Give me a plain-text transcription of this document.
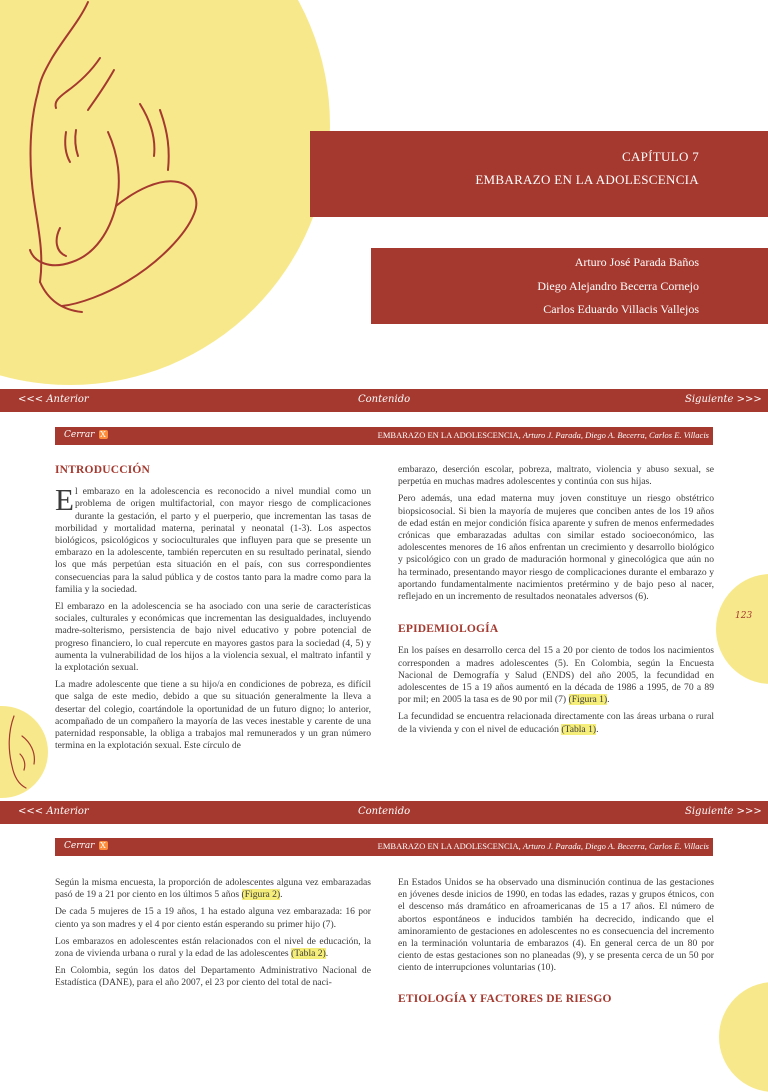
CAPÍTULO 7
EMBARAZO EN LA ADOLESCENCIA
Arturo José Parada Baños
Diego Alejandro Becerra Cornejo
Carlos Eduardo Villacis Vallejos
<<< Anterior	Contenido	Siguiente >>>
Cerrar X	EMBARAZO EN LA ADOLESCENCIA, Arturo J. Parada, Diego A. Becerra, Carlos E. Villacis
INTRODUCCIÓN

El embarazo en la adolescencia es reconocido a nivel mundial como un problema de origen multifactorial, con mayor riesgo de complicaciones durante la gestación, el parto y el puerperio, que incrementan las tasas de morbilidad y mortalidad materna, perinatal y neonatal (1-3). Los aspectos biológicos, psicológicos y socioculturales que influyen para que se presente un embarazo en la adolescente, también repercuten en su resultado perinatal, siendo los que más perpetúan esta situación en el país, con sus correspondientes consecuencias para la salud pública y de costos tanto para la madre como para la familia y la sociedad.

El embarazo en la adolescencia se ha asociado con una serie de características sociales, culturales y económicas que incrementan las desigualdades, incluyendo madre-solterismo, persistencia de bajo nivel educativo y pobre potencial de progreso financiero, lo cual repercute en mayores gastos para la sociedad (4, 5) y aumenta la vulnerabilidad de los hijos a la violencia sexual, el maltrato infantil y la explotación sexual.

La madre adolescente que tiene a su hijo/a en condiciones de pobreza, es difícil que salga de este medio, debido a que su situación generalmente la lleva a desertar del colegio, coartándole la oportunidad de un futuro digno; lo anterior, acompañado de un compañero la mayoría de las veces inestable y carente de una paternidad responsable, la obliga a trabajos mal remunerados y un gran número termina en la explotación sexual. Este círculo de

embarazo, deserción escolar, pobreza, maltrato, violencia y abuso sexual, se perpetúa en muchas madres adolescentes y continúa con sus hijas.

Pero además, una edad materna muy joven constituye un riesgo obstétrico biopsicosocial. Si bien la mayoría de mujeres que conciben antes de los 19 años de edad están en mejor condición física aparente y sufren de menos enfermedades crónicas que embarazadas adultas con similar estado socioeconómico, las adolescentes menores de 16 años enfrentan un crecimiento y desarrollo biológico y psicológico con un grado de maduración hormonal y ginecológica que aún no ha terminado, presentando mayor riesgo de complicaciones durante el embarazo y aportando fundamentalmente nacimientos pretérmino y de bajo peso al nacer, reflejado en un incremento de resultados neonatales adversos (6).

EPIDEMIOLOGÍA

En los países en desarrollo cerca del 15 a 20 por ciento de todos los nacimientos corresponden a madres adolescentes (5). En Colombia, según la Encuesta Nacional de Demografía y Salud (ENDS) del año 2005, la fecundidad en adolescentes de 15 a 19 años aumentó en la década de 1986 a 1995, de 70 a 89 por mil; en 2005 la tasa es de 90 por mil (7) (Figura 1).

La fecundidad se encuentra relacionada directamente con las áreas urbana o rural de la vivienda y con el nivel de educación (Tabla 1).

123
<<< Anterior	Contenido	Siguiente >>>
Cerrar X	EMBARAZO EN LA ADOLESCENCIA, Arturo J. Parada, Diego A. Becerra, Carlos E. Villacis

Según la misma encuesta, la proporción de adolescentes alguna vez embarazadas pasó de 19 a 21 por ciento en los últimos 5 años (Figura 2).

De cada 5 mujeres de 15 a 19 años, 1 ha estado alguna vez embarazada: 16 por ciento ya son madres y el 4 por ciento están esperando su primer hijo (7).

Los embarazos en adolescentes están relacionados con el nivel de educación, la zona de vivienda urbana o rural y la edad de las adolescentes (Tabla 2).

En Colombia, según los datos del Departamento Administrativo Nacional de Estadística (DANE), para el año 2007, el 23 por ciento del total de naci-

En Estados Unidos se ha observado una disminución continua de las gestaciones en jóvenes desde inicios de 1990, en todas las edades, razas y grupos étnicos, con el descenso más dramático en afroamericanas de 15 a 17 años. El número de abortos espontáneos e inducidos también ha decrecido, indicando que el aminoramiento de gestaciones en adolescentes no es consecuencia del incremento en la terminación voluntaria de embarazos (4). En general cerca de un 80 por ciento de estas gestaciones son no planeadas (9), y se presenta cerca de un 50 por ciento de interrupciones voluntarias (10).

ETIOLOGÍA Y FACTORES DE RIESGO
